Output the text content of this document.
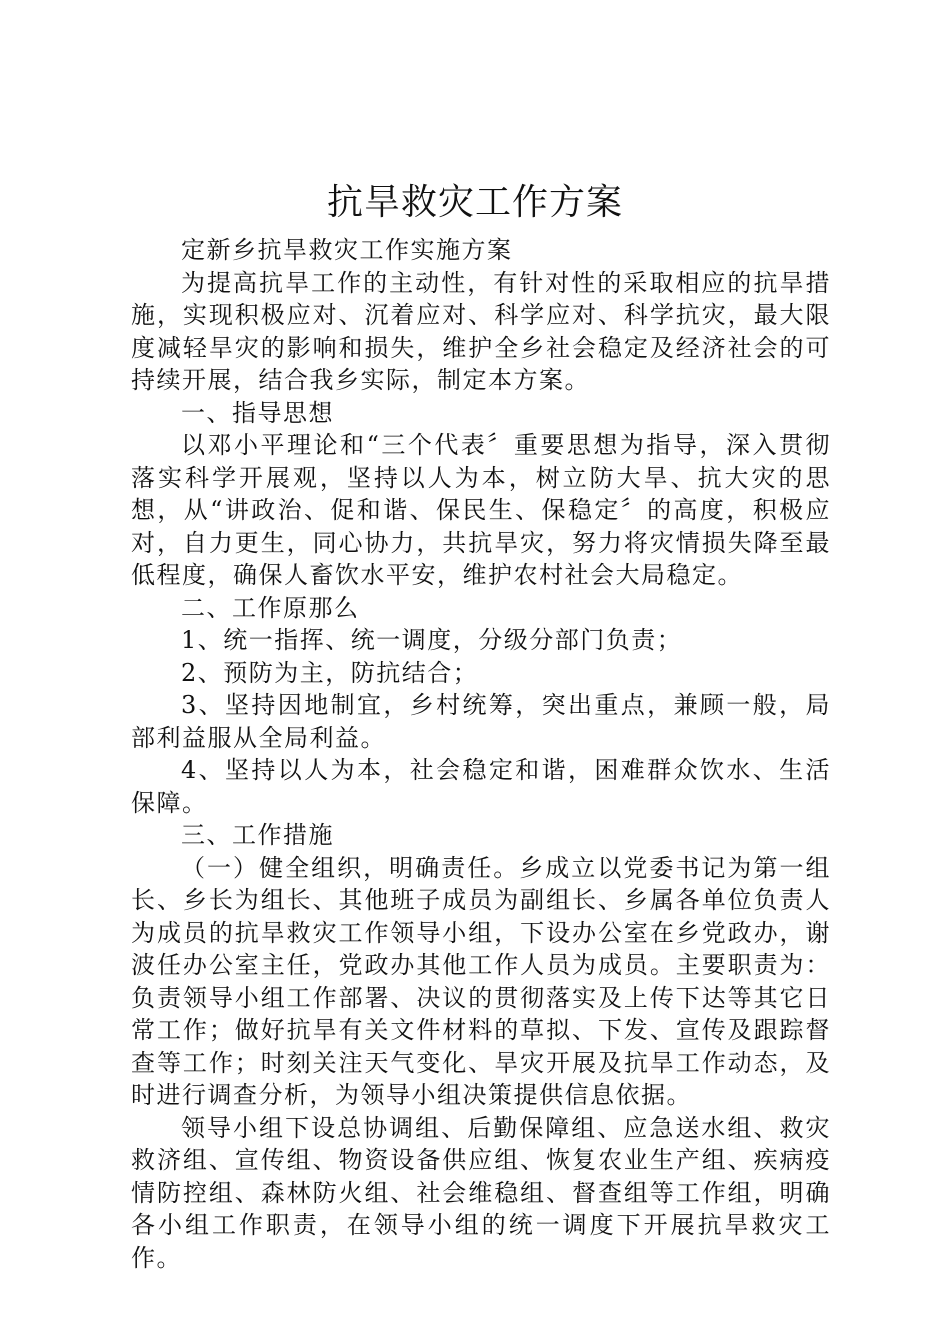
抗旱救灾工作方案

定新乡抗旱救灾工作实施方案

为提高抗旱工作的主动性，有针对性的采取相应的抗旱措施，实现积极应对、沉着应对、科学应对、科学抗灾，最大限度减轻旱灾的影响和损失，维护全乡社会稳定及经济社会的可持续开展，结合我乡实际，制定本方案。

一、指导思想

以邓小平理论和“三个代表〞重要思想为指导，深入贯彻落实科学开展观，坚持以人为本，树立防大旱、抗大灾的思想，从“讲政治、促和谐、保民生、保稳定〞的高度，积极应对，自力更生，同心协力，共抗旱灾，努力将灾情损失降至最低程度，确保人畜饮水平安，维护农村社会大局稳定。

二、工作原那么

1、统一指挥、统一调度，分级分部门负责；

2、预防为主，防抗结合；

3、坚持因地制宜，乡村统筹，突出重点，兼顾一般，局部利益服从全局利益。

4、坚持以人为本，社会稳定和谐，困难群众饮水、生活保障。

三、工作措施

（一）健全组织，明确责任。乡成立以党委书记为第一组长、乡长为组长、其他班子成员为副组长、乡属各单位负责人为成员的抗旱救灾工作领导小组，下设办公室在乡党政办，谢波任办公室主任，党政办其他工作人员为成员。主要职责为：负责领导小组工作部署、决议的贯彻落实及上传下达等其它日常工作；做好抗旱有关文件材料的草拟、下发、宣传及跟踪督查等工作；时刻关注天气变化、旱灾开展及抗旱工作动态，及时进行调查分析，为领导小组决策提供信息依据。

领导小组下设总协调组、后勤保障组、应急送水组、救灾救济组、宣传组、物资设备供应组、恢复农业生产组、疾病疫情防控组、森林防火组、社会维稳组、督查组等工作组，明确各小组工作职责，在领导小组的统一调度下开展抗旱救灾工作。
